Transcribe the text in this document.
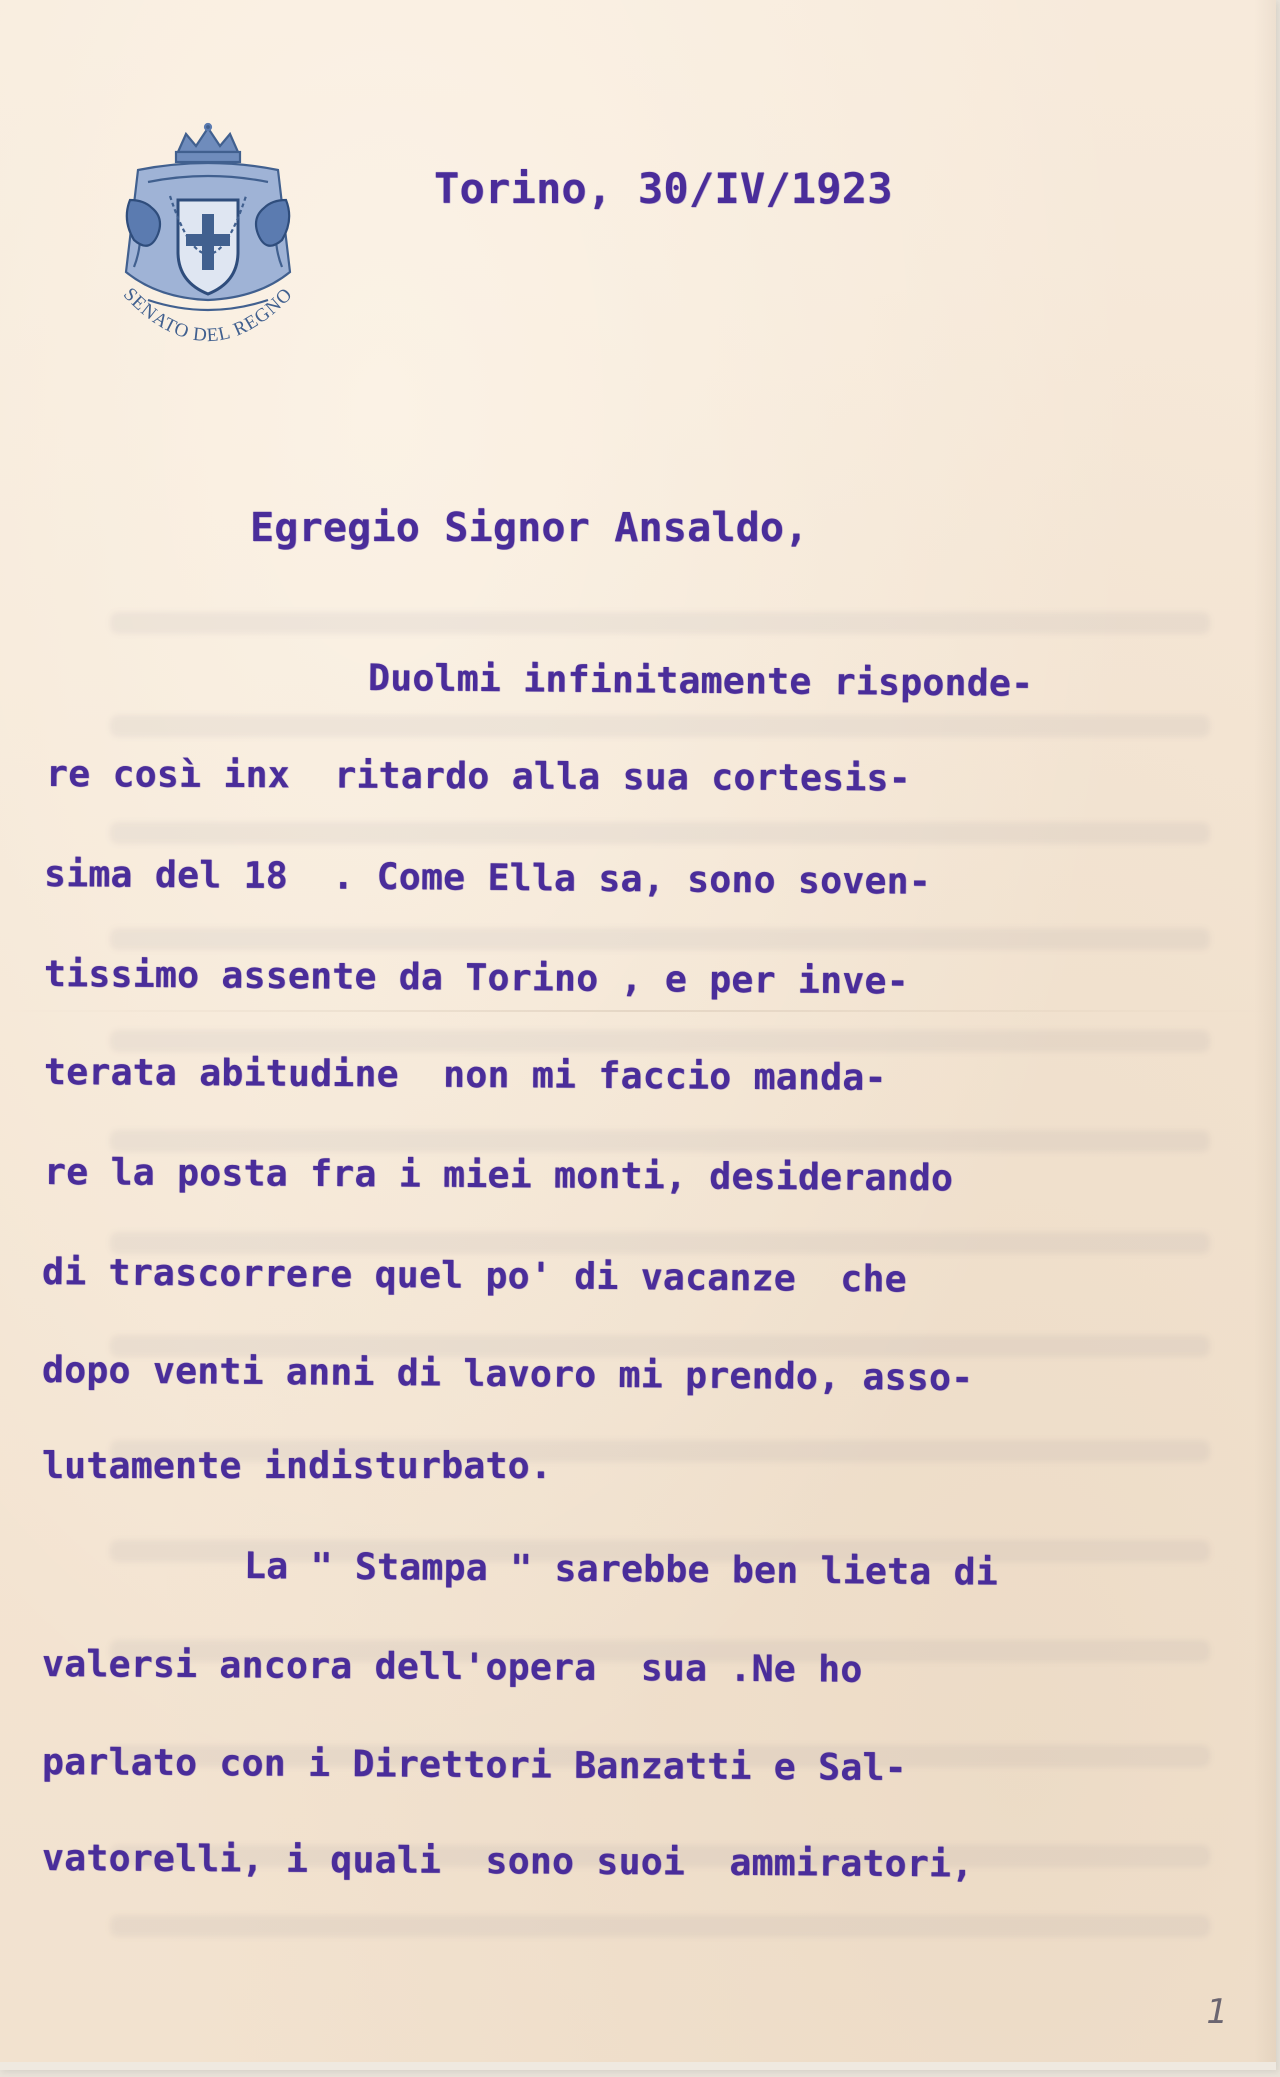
SENATO DEL REGNO

Torino, 30/IV/1923

Egregio Signor Ansaldo,

Duolmi infinitamente risponde-

re così inx  ritardo alla sua cortesis-

sima del 18  . Come Ella sa, sono soven-

tissimo assente da Torino , e per inve-

terata abitudine  non mi faccio manda-

re la posta fra i miei monti, desiderando

di trascorrere quel po' di vacanze  che

dopo venti anni di lavoro mi prendo, asso-

lutamente indisturbato.

La " Stampa " sarebbe ben lieta di

valersi ancora dell'opera  sua .Ne ho

parlato con i Direttori Banzatti e Sal-

vatorelli, i quali  sono suoi  ammiratori,

1
